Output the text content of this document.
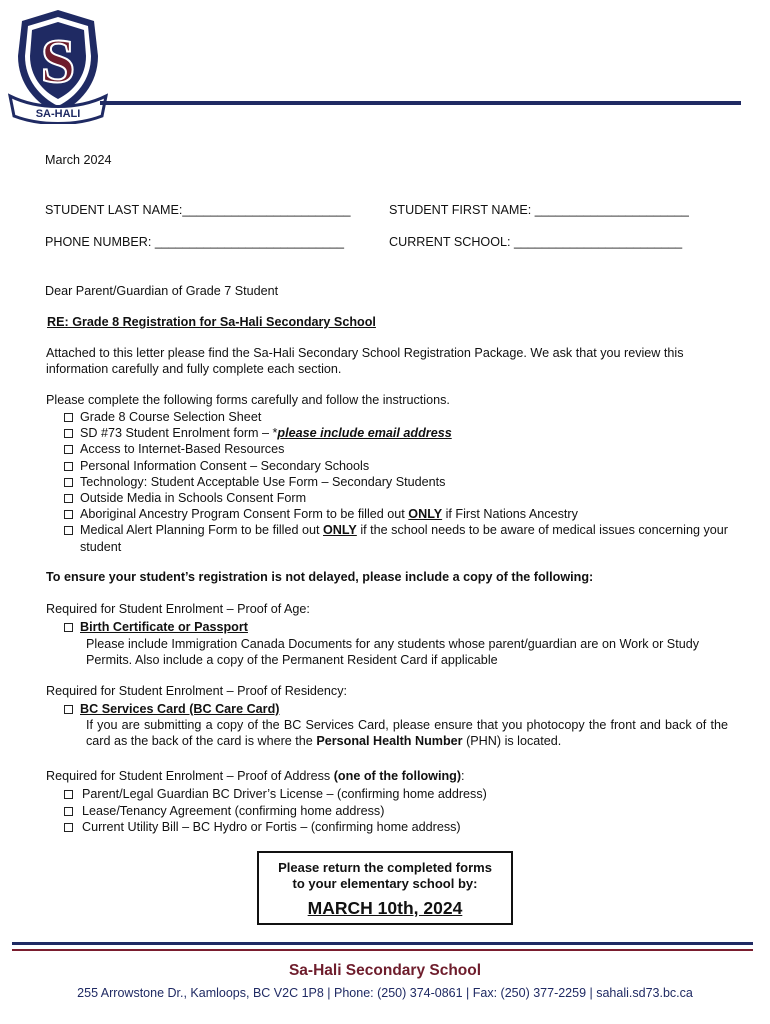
S
SA-HALI
March 2024
STUDENT LAST NAME:________________________	STUDENT FIRST NAME: ______________________
PHONE NUMBER: ___________________________	CURRENT SCHOOL: ________________________
Dear Parent/Guardian of Grade 7 Student
RE: Grade 8 Registration for Sa-Hali Secondary School
Attached to this letter please find the Sa-Hali Secondary School Registration Package. We ask that you review this information carefully and fully complete each section.
Please complete the following forms carefully and follow the instructions.
Grade 8 Course Selection Sheet
SD #73 Student Enrolment form – *please include email address
Access to Internet-Based Resources
Personal Information Consent – Secondary Schools
Technology: Student Acceptable Use Form – Secondary Students
Outside Media in Schools Consent Form
Aboriginal Ancestry Program Consent Form to be filled out ONLY if First Nations Ancestry
Medical Alert Planning Form to be filled out ONLY if the school needs to be aware of medical issues concerning your student
To ensure your student’s registration is not delayed, please include a copy of the following:
Required for Student Enrolment – Proof of Age:
Birth Certificate or Passport
Please include Immigration Canada Documents for any students whose parent/guardian are on Work or Study Permits. Also include a copy of the Permanent Resident Card if applicable
Required for Student Enrolment – Proof of Residency:
BC Services Card (BC Care Card)
If you are submitting a copy of the BC Services Card, please ensure that you photocopy the front and back of the card as the back of the card is where the Personal Health Number (PHN) is located.
Required for Student Enrolment – Proof of Address (one of the following):
Parent/Legal Guardian BC Driver’s License – (confirming home address)
Lease/Tenancy Agreement (confirming home address)
Current Utility Bill – BC Hydro or Fortis – (confirming home address)
Please return the completed forms
to your elementary school by:
MARCH 10th, 2024
Sa-Hali Secondary School
255 Arrowstone Dr., Kamloops, BC V2C 1P8 | Phone: (250) 374-0861 | Fax: (250) 377-2259 | sahali.sd73.bc.ca
